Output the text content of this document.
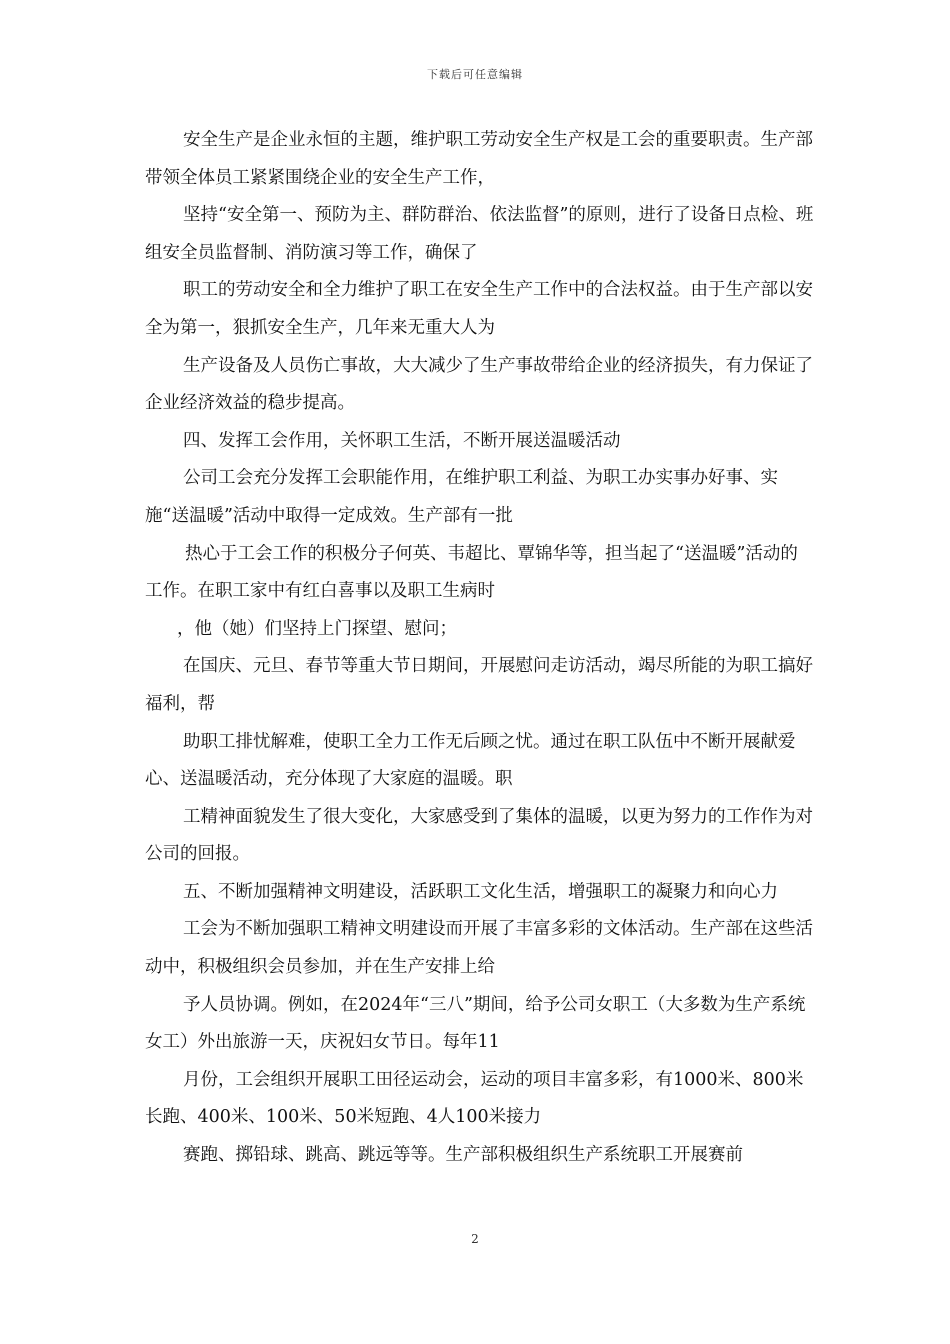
下载后可任意编辑

安全生产是企业永恒的主题，维护职工劳动安全生产权是工会的重要职责。生产部带领全体员工紧紧围绕企业的安全生产工作，

坚持“安全第一、预防为主、群防群治、依法监督”的原则，进行了设备日点检、班组安全员监督制、消防演习等工作，确保了

职工的劳动安全和全力维护了职工在安全生产工作中的合法权益。由于生产部以安全为第一，狠抓安全生产，几年来无重大人为

生产设备及人员伤亡事故，大大减少了生产事故带给企业的经济损失，有力保证了企业经济效益的稳步提高。

四、发挥工会作用，关怀职工生活，不断开展送温暖活动

公司工会充分发挥工会职能作用，在维护职工利益、为职工办实事办好事、实施“送温暖”活动中取得一定成效。生产部有一批

热心于工会工作的积极分子何英、韦超比、覃锦华等，担当起了“送温暖”活动的工作。在职工家中有红白喜事以及职工生病时

，他（她）们坚持上门探望、慰问；

在国庆、元旦、春节等重大节日期间，开展慰问走访活动，竭尽所能的为职工搞好福利，帮

助职工排忧解难，使职工全力工作无后顾之忧。通过在职工队伍中不断开展献爱心、送温暖活动，充分体现了大家庭的温暖。职

工精神面貌发生了很大变化，大家感受到了集体的温暖，以更为努力的工作作为对公司的回报。

五、不断加强精神文明建设，活跃职工文化生活，增强职工的凝聚力和向心力

工会为不断加强职工精神文明建设而开展了丰富多彩的文体活动。生产部在这些活动中，积极组织会员参加，并在生产安排上给

予人员协调。例如，在2024年“三八”期间，给予公司女职工（大多数为生产系统女工）外出旅游一天，庆祝妇女节日。每年11

月份，工会组织开展职工田径运动会，运动的项目丰富多彩，有1000米、800米长跑、400米、100米、50米短跑、4人100米接力

赛跑、掷铅球、跳高、跳远等等。生产部积极组织生产系统职工开展赛前

2
